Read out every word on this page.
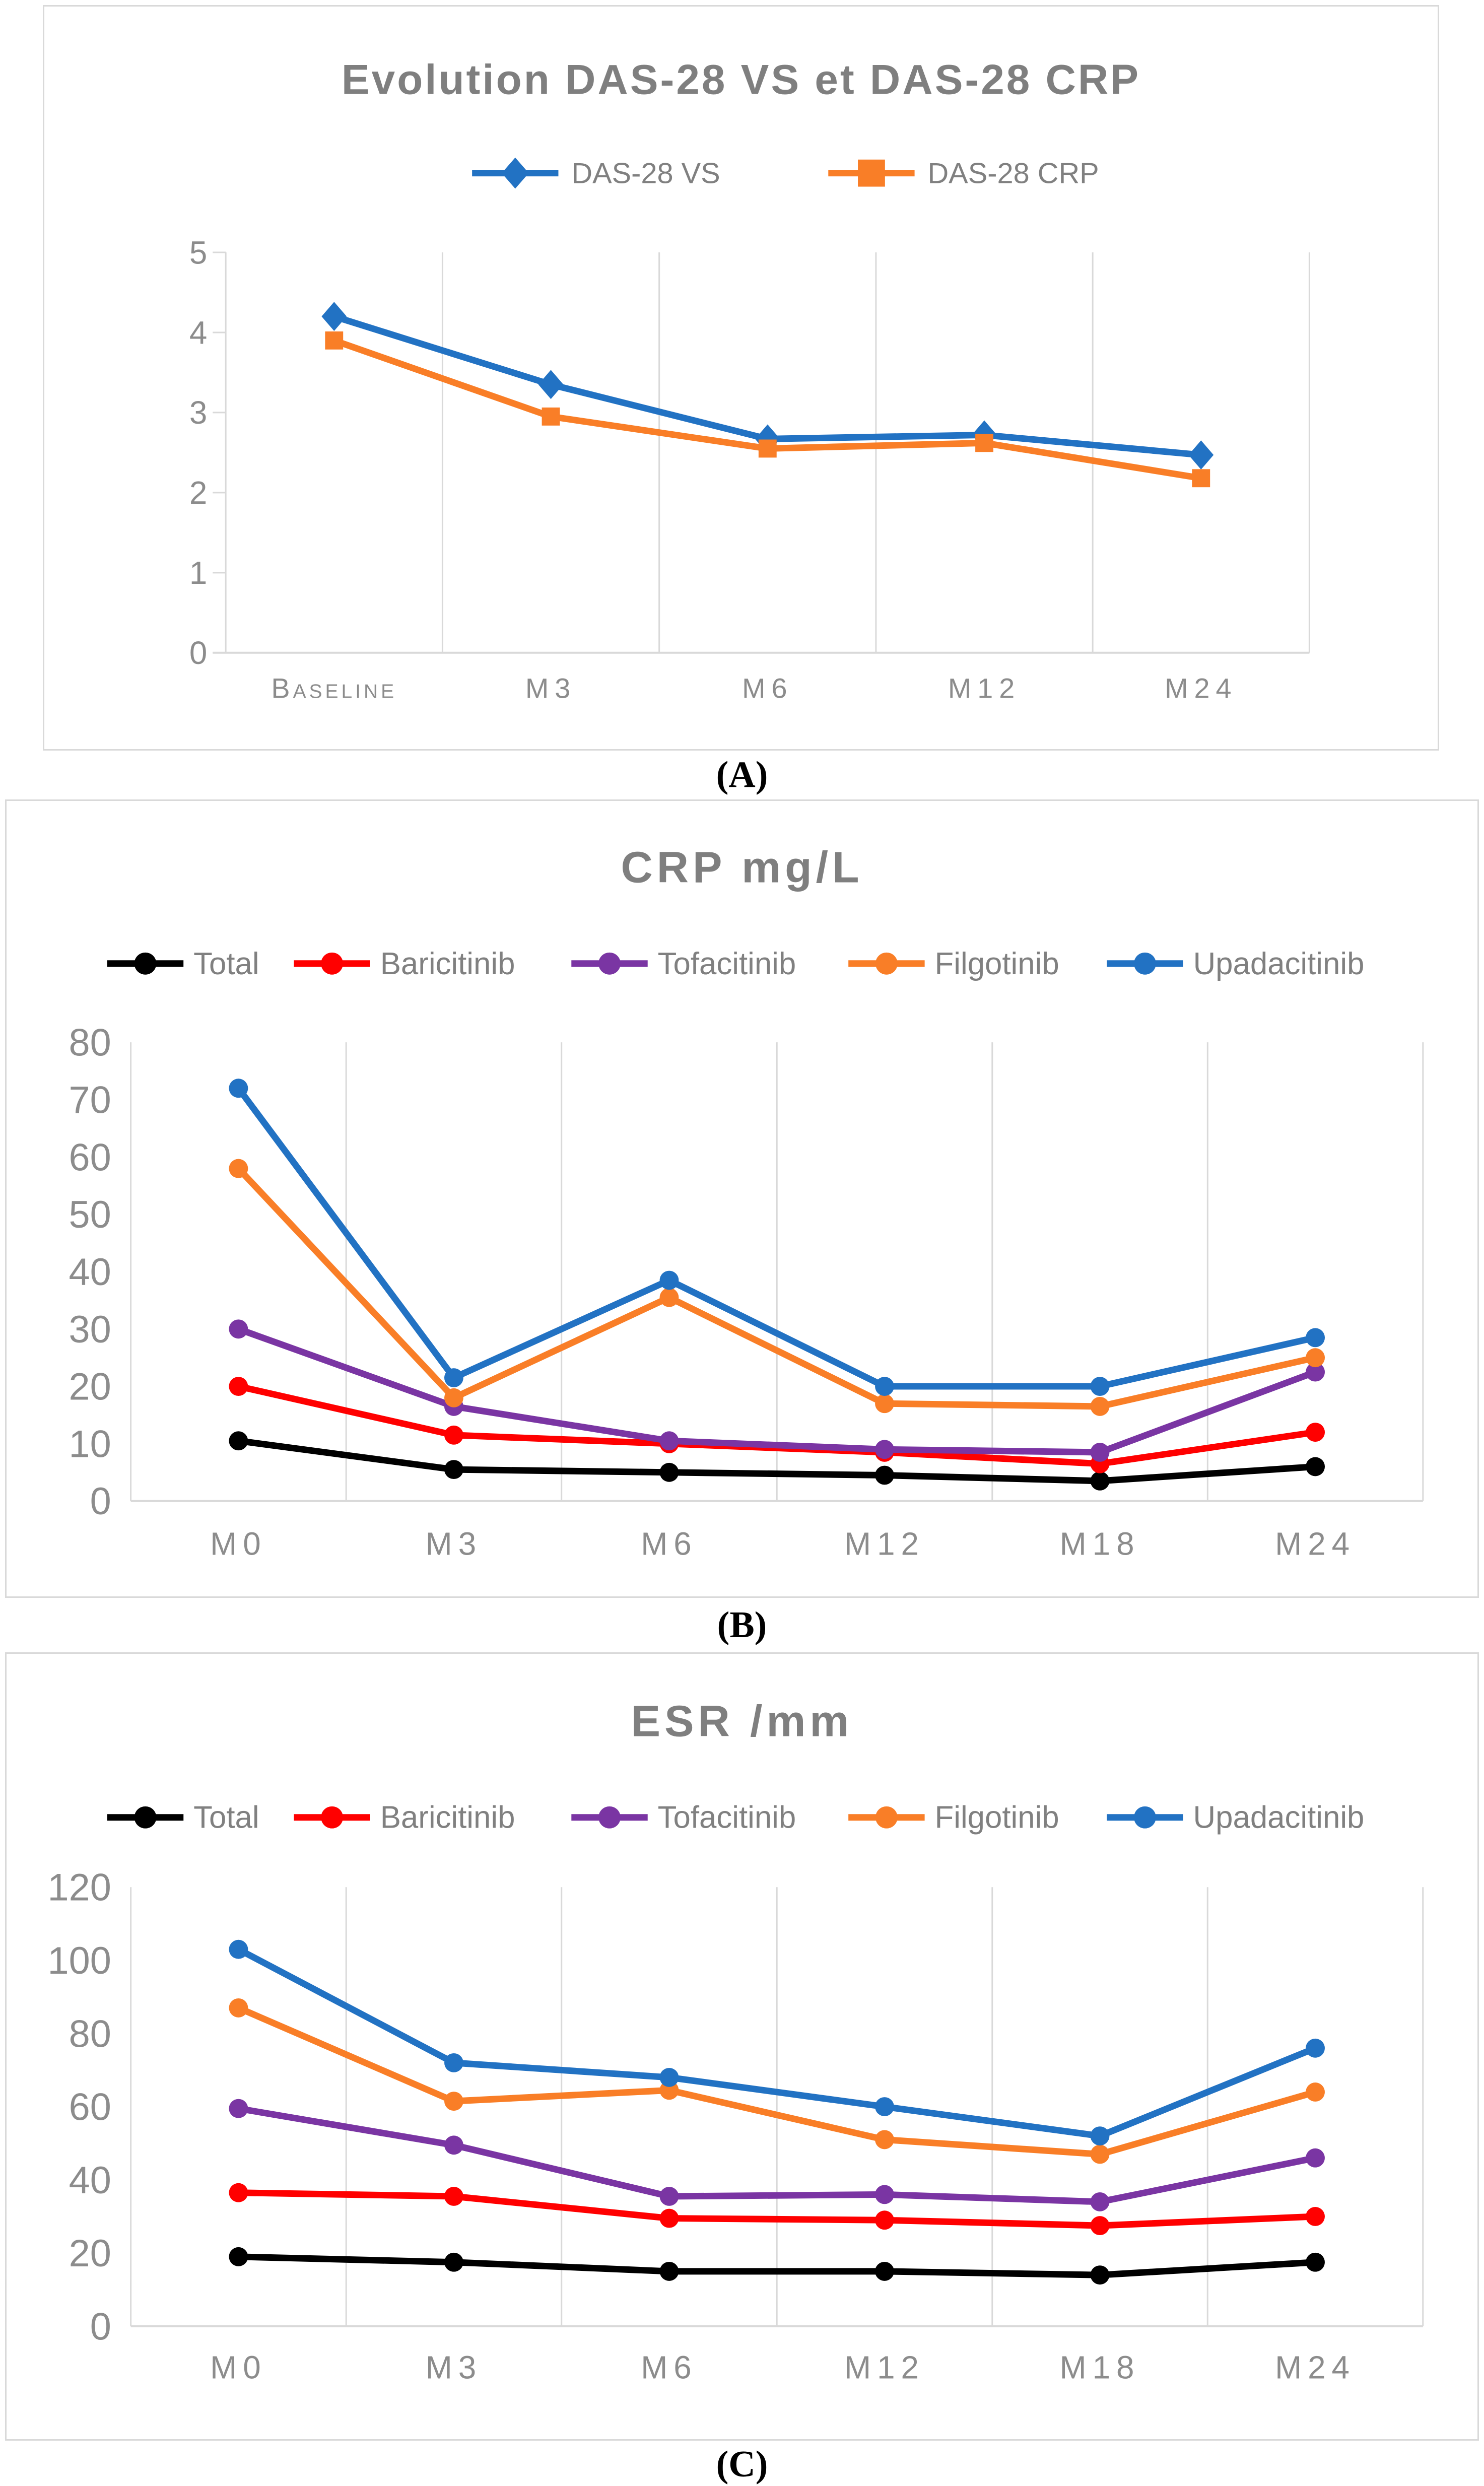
0
1
2
3
4
5
Baseline	M3	M6	M12	M24
Evolution DAS-28 VS et DAS-28 CRP
DAS-28 VS	DAS-28 CRP
(A)
0
10
20
30
40
50
60
70
80
M0	M3	M6	M12	M18	M24
CRP mg/L
Total	Baricitinib	Tofacitinib	Filgotinib	Upadacitinib
(B)
0
20
40
60
80
100
120
M0	M3	M6	M12	M18	M24
ESR /mm
Total	Baricitinib	Tofacitinib	Filgotinib	Upadacitinib
(C)
